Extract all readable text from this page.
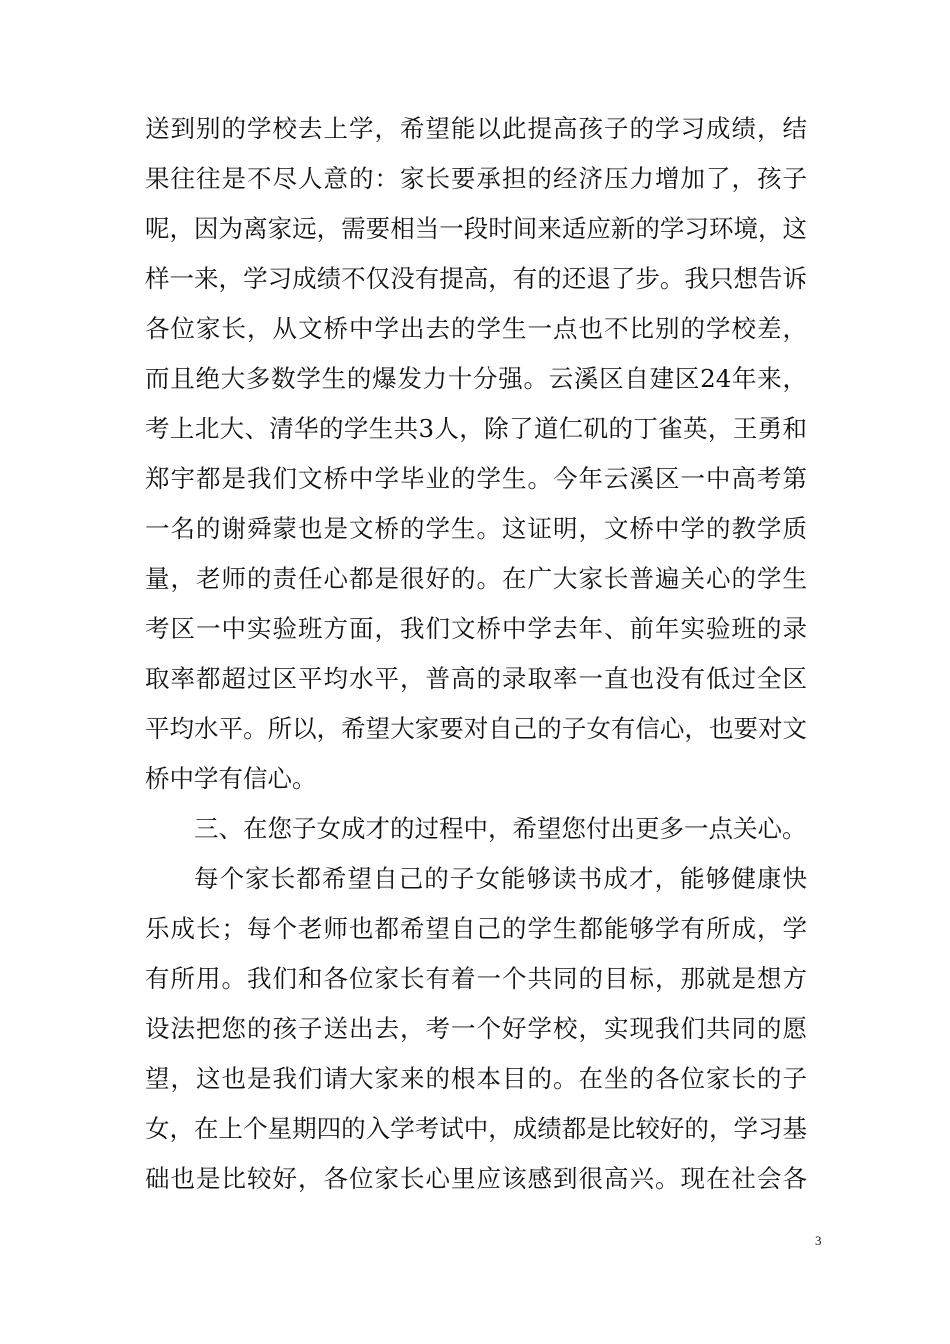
送到别的学校去上学，希望能以此提高孩子的学习成绩，结
果往往是不尽人意的：家长要承担的经济压力增加了，孩子
呢，因为离家远，需要相当一段时间来适应新的学习环境，这
样一来，学习成绩不仅没有提高，有的还退了步。我只想告诉
各位家长，从文桥中学出去的学生一点也不比别的学校差，
而且绝大多数学生的爆发力十分强。云溪区自建区24年来，
考上北大、清华的学生共3人，除了道仁矶的丁雀英，王勇和
郑宇都是我们文桥中学毕业的学生。今年云溪区一中高考第
一名的谢舜蒙也是文桥的学生。这证明，文桥中学的教学质
量，老师的责任心都是很好的。在广大家长普遍关心的学生
考区一中实验班方面，我们文桥中学去年、前年实验班的录
取率都超过区平均水平，普高的录取率一直也没有低过全区
平均水平。所以，希望大家要对自己的子女有信心，也要对文
桥中学有信心。
三、在您子女成才的过程中，希望您付出更多一点关心。
每个家长都希望自己的子女能够读书成才，能够健康快
乐成长；每个老师也都希望自己的学生都能够学有所成，学
有所用。我们和各位家长有着一个共同的目标，那就是想方
设法把您的孩子送出去，考一个好学校，实现我们共同的愿
望，这也是我们请大家来的根本目的。在坐的各位家长的子
女，在上个星期四的入学考试中，成绩都是比较好的，学习基
础也是比较好，各位家长心里应该感到很高兴。现在社会各
3
